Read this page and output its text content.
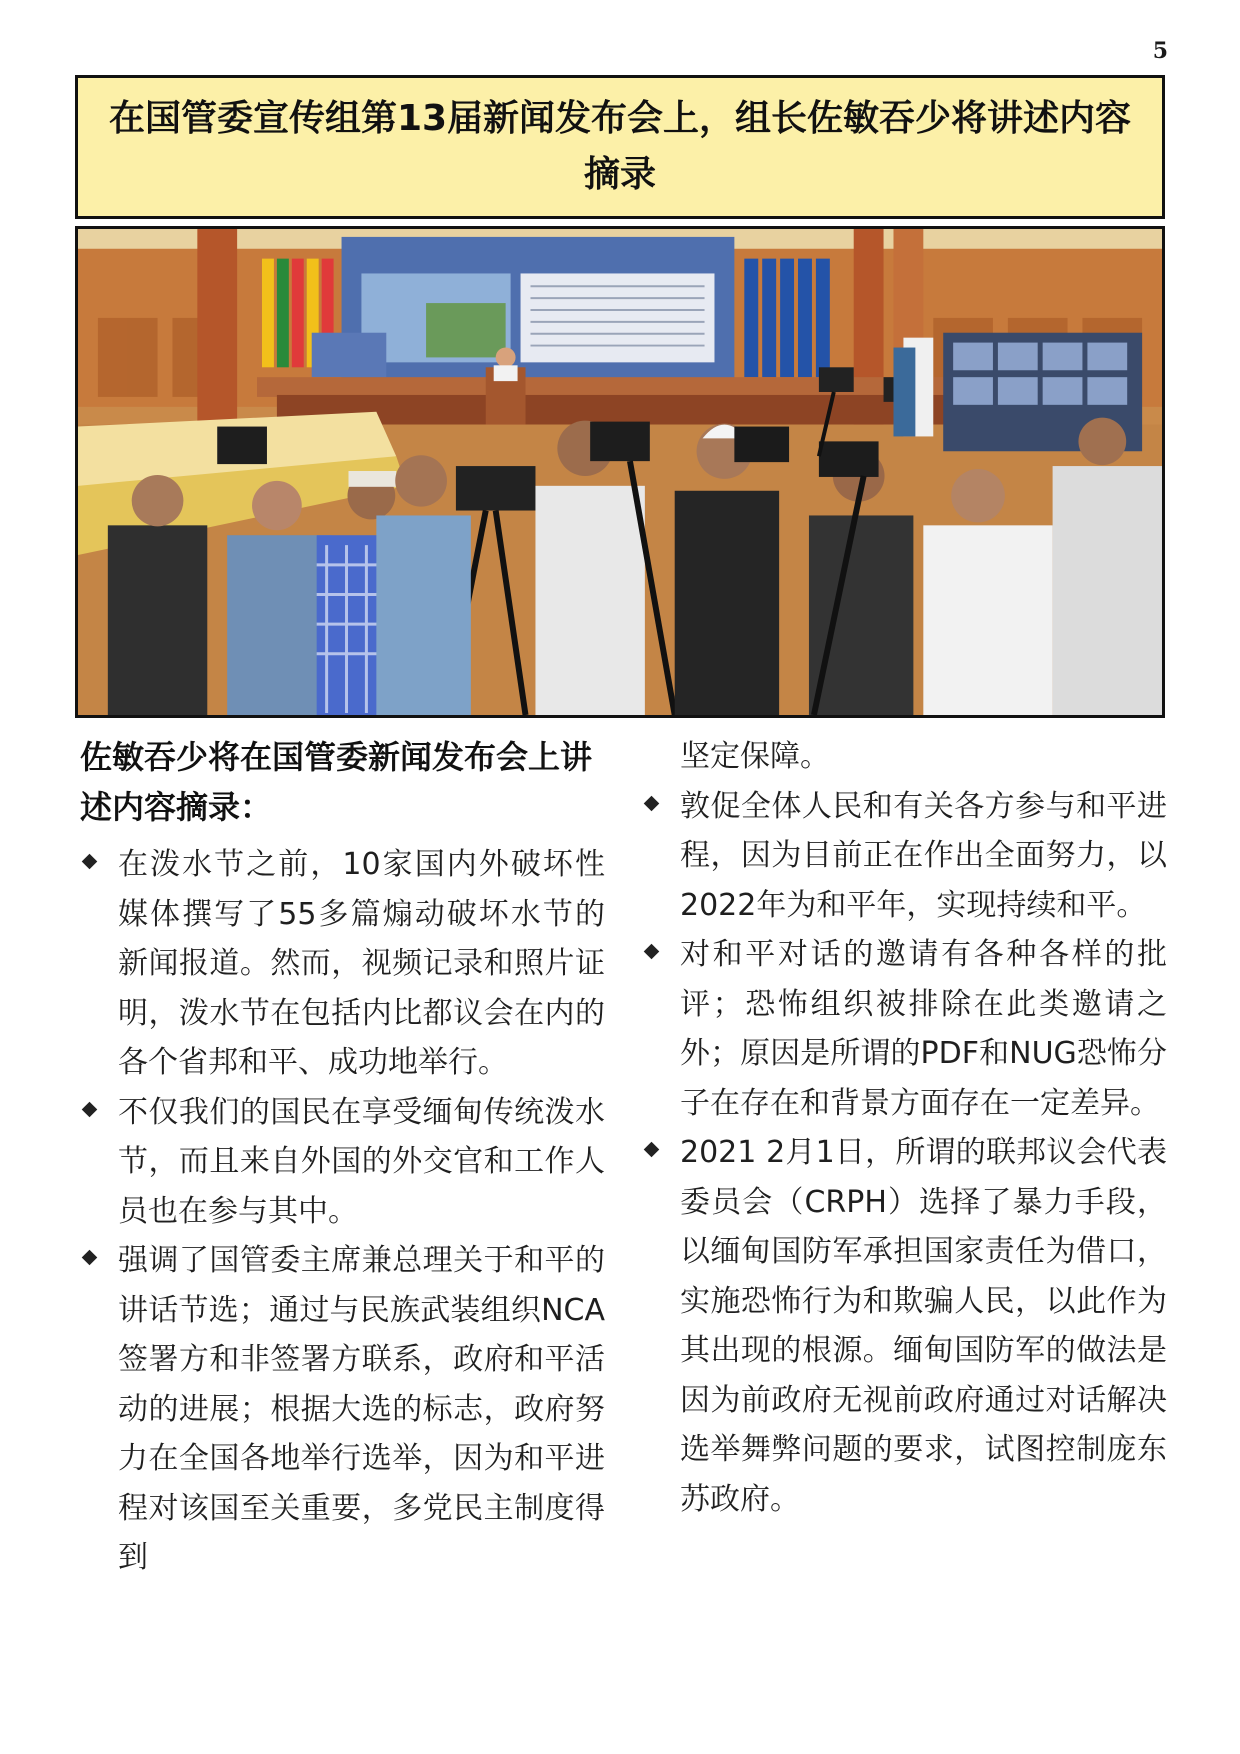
5
在国管委宣传组第13届新闻发布会上，组长佐敏吞少将讲述内容摘录

佐敏吞少将在国管委新闻发布会上讲述内容摘录：

在泼水节之前，10家国内外破坏性媒体撰写了55多篇煽动破坏水节的新闻报道。然而，视频记录和照片证明，泼水节在包括内比都议会在内的各个省邦和平、成功地举行。
不仅我们的国民在享受缅甸传统泼水节，而且来自外国的外交官和工作人员也在参与其中。
强调了国管委主席兼总理关于和平的讲话节选；通过与民族武装组织NCA签署方和非签署方联系，政府和平活动的进展；根据大选的标志，政府努力在全国各地举行选举，因为和平进程对该国至关重要，多党民主制度得到

坚定保障。

敦促全体人民和有关各方参与和平进程，因为目前正在作出全面努力，以2022年为和平年，实现持续和平。
对和平对话的邀请有各种各样的批评；恐怖组织被排除在此类邀请之外；原因是所谓的PDF和NUG恐怖分子在存在和背景方面存在一定差异。
2021 2月1日，所谓的联邦议会代表委员会（CRPH）选择了暴力手段，以缅甸国防军承担国家责任为借口，实施恐怖行为和欺骗人民，以此作为其出现的根源。缅甸国防军的做法是因为前政府无视前政府通过对话解决选举舞弊问题的要求，试图控制庞东苏政府。
